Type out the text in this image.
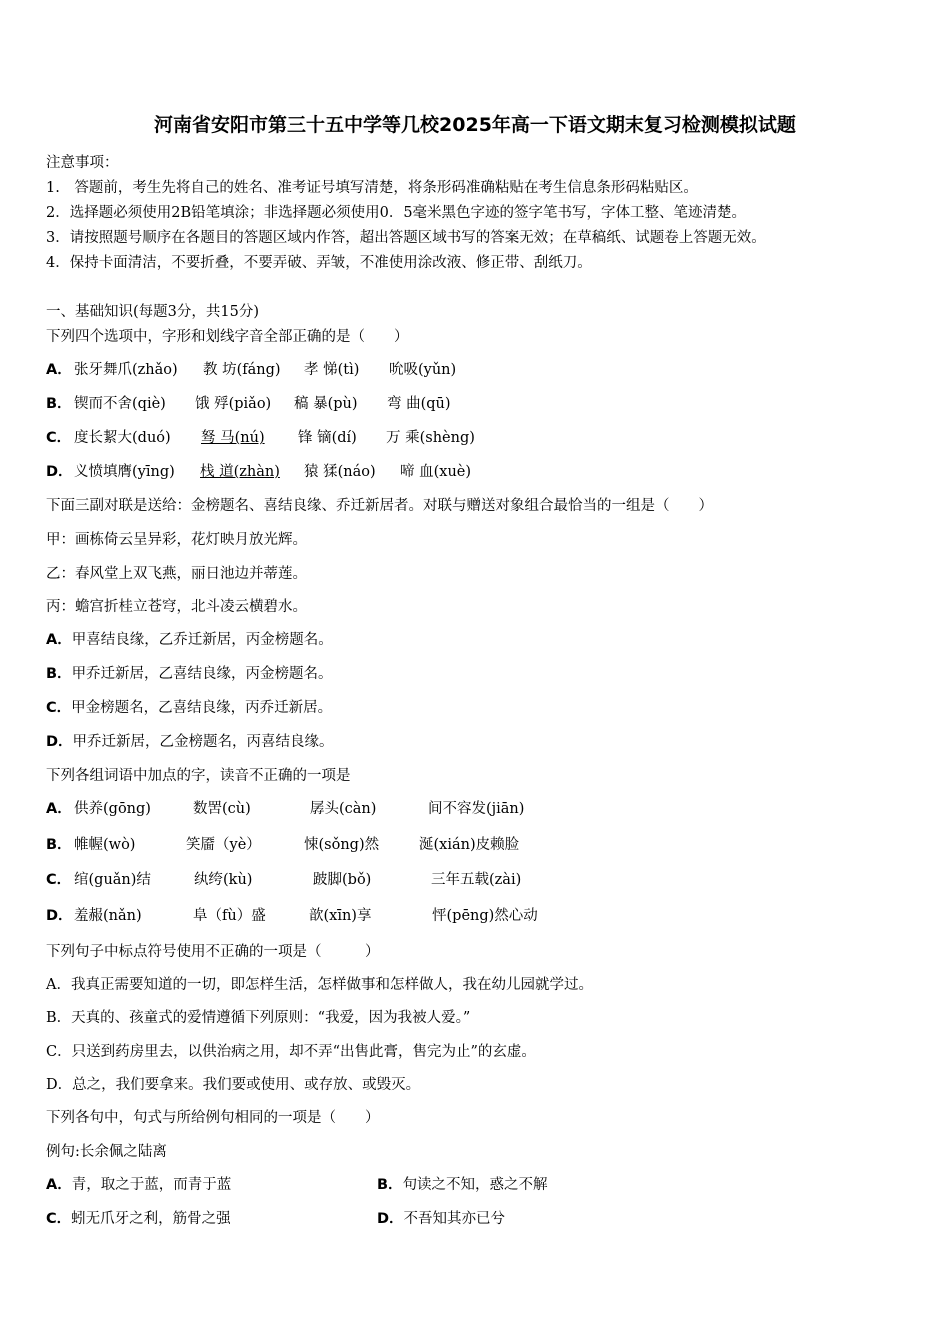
河南省安阳市第三十五中学等几校2025年高一下语文期末复习检测模拟试题
注意事项：
1.　答题前，考生先将自己的姓名、准考证号填写清楚，将条形码准确粘贴在考生信息条形码粘贴区。
2．选择题必须使用2B铅笔填涂；非选择题必须使用0．5毫米黑色字迹的签字笔书写，字体工整、笔迹清楚。
3．请按照题号顺序在各题目的答题区域内作答，超出答题区域书写的答案无效；在草稿纸、试题卷上答题无效。
4．保持卡面清洁，不要折叠，不要弄破、弄皱，不准使用涂改液、修正带、刮纸刀。
一、基础知识(每题3分，共15分)
下列四个选项中，字形和划线字音全部正确的是（　　）
A． 张牙舞爪(zhǎo) 教 坊(fáng) 孝 悌(tì) 吮吸(yǔn)
B． 锲而不舍(qiè) 饿 殍(piǎo) 稿 暴(pù) 弯 曲(qū)
C． 度长絜大(duó) 驽 马(nú) 锋 镝(dí) 万 乘(shèng)
D． 义愤填膺(yīng) 栈 道(zhàn) 猿 猱(náo) 啼 血(xuè)
下面三副对联是送给：金榜题名、喜结良缘、乔迁新居者。对联与赠送对象组合最恰当的一组是（　　）
甲：画栋倚云呈异彩，花灯映月放光辉。
乙：春风堂上双飞燕，丽日池边并蒂莲。
丙：蟾宫折桂立苍穹，北斗凌云横碧水。
A．甲喜结良缘，乙乔迁新居，丙金榜题名。
B．甲乔迁新居，乙喜结良缘，丙金榜题名。
C．甲金榜题名，乙喜结良缘，丙乔迁新居。
D．甲乔迁新居，乙金榜题名，丙喜结良缘。
下列各组词语中加点的字，读音不正确的一项是
A． 供养(gōng)	数罟(cù)	孱头(càn)	间不容发(jiān)
B． 帷幄(wò)	笑靥（yè）	悚(sǒng)然	涎(xián)皮赖脸
C． 绾(guǎn)结	纨绔(kù)	跛脚(bǒ)	三年五载(zài)
D． 羞赧(nǎn)	阜（fù）盛	歆(xīn)享	怦(pēng)然心动
下列句子中标点符号使用不正确的一项是（　　　）
A．我真正需要知道的一切，即怎样生活，怎样做事和怎样做人，我在幼儿园就学过。
B．天真的、孩童式的爱情遵循下列原则：“我爱，因为我被人爱。”
C．只送到药房里去，以供治病之用，却不弄“出售此膏，售完为止”的玄虚。
D．总之，我们要拿来。我们要或使用、或存放、或毁灭。
下列各句中，句式与所给例句相同的一项是（　　）
例句:长余佩之陆离
A．青，取之于蓝，而青于蓝	B．句读之不知，惑之不解
C．蚓无爪牙之利，筋骨之强	D．不吾知其亦已兮
